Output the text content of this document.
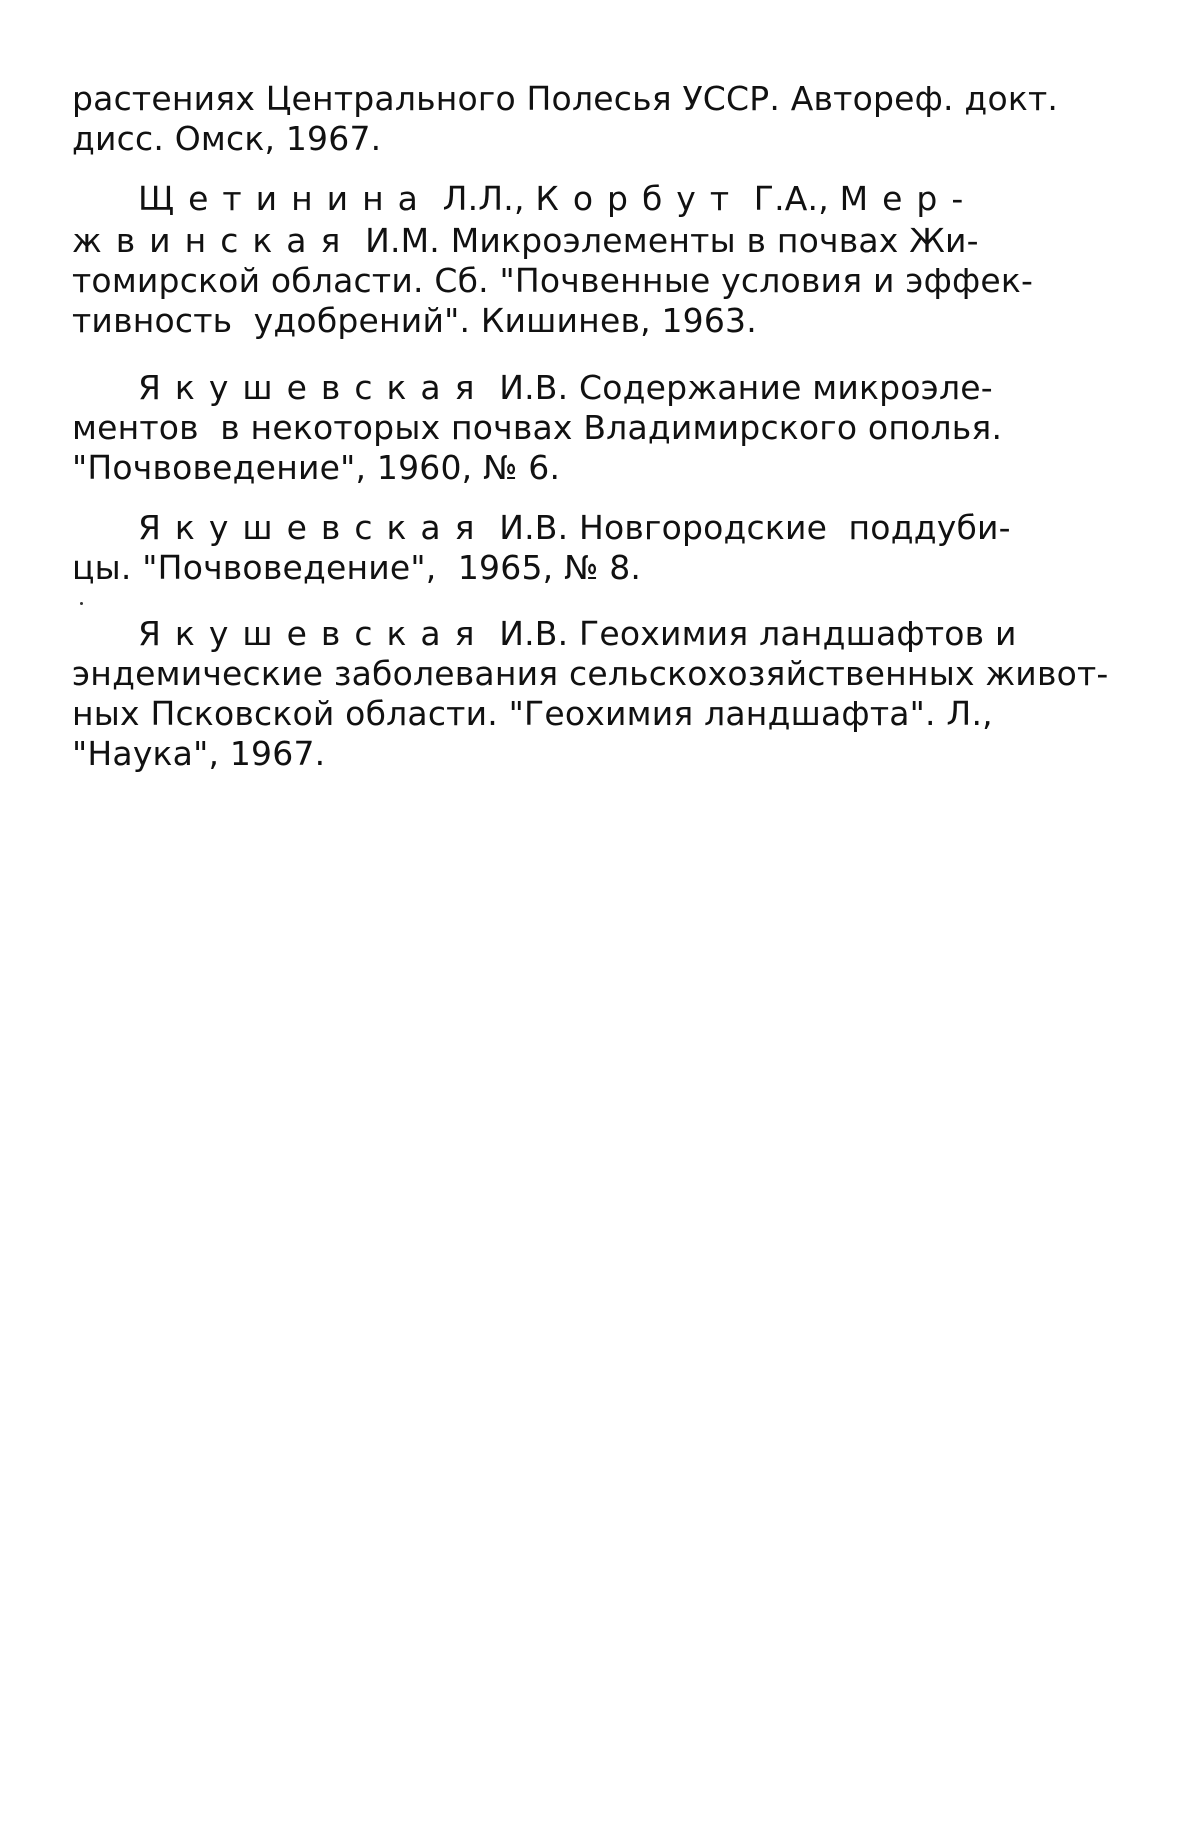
растениях Центрального Полесья УССР. Автореф. докт.

дисс. Омск, 1967.

Щетинина Л.Л., Корбут Г.А., Мер-

жвинская И.М. Микроэлементы в почвах Жи-

томирской области. Сб. "Почвенные условия и эффек-

тивность  удобрений". Кишинев, 1963.

Якушевская И.В. Содержание микроэле-

ментов  в некоторых почвах Владимирского ополья.

"Почвоведение", 1960, № 6.

Якушевская И.В. Новгородские  поддуби-

цы. "Почвоведение",  1965, № 8.

Якушевская И.В. Геохимия ландшафтов и

эндемические заболевания сельскохозяйственных живот-

ных Псковской области. "Геохимия ландшафта". Л.,

"Наука", 1967.
